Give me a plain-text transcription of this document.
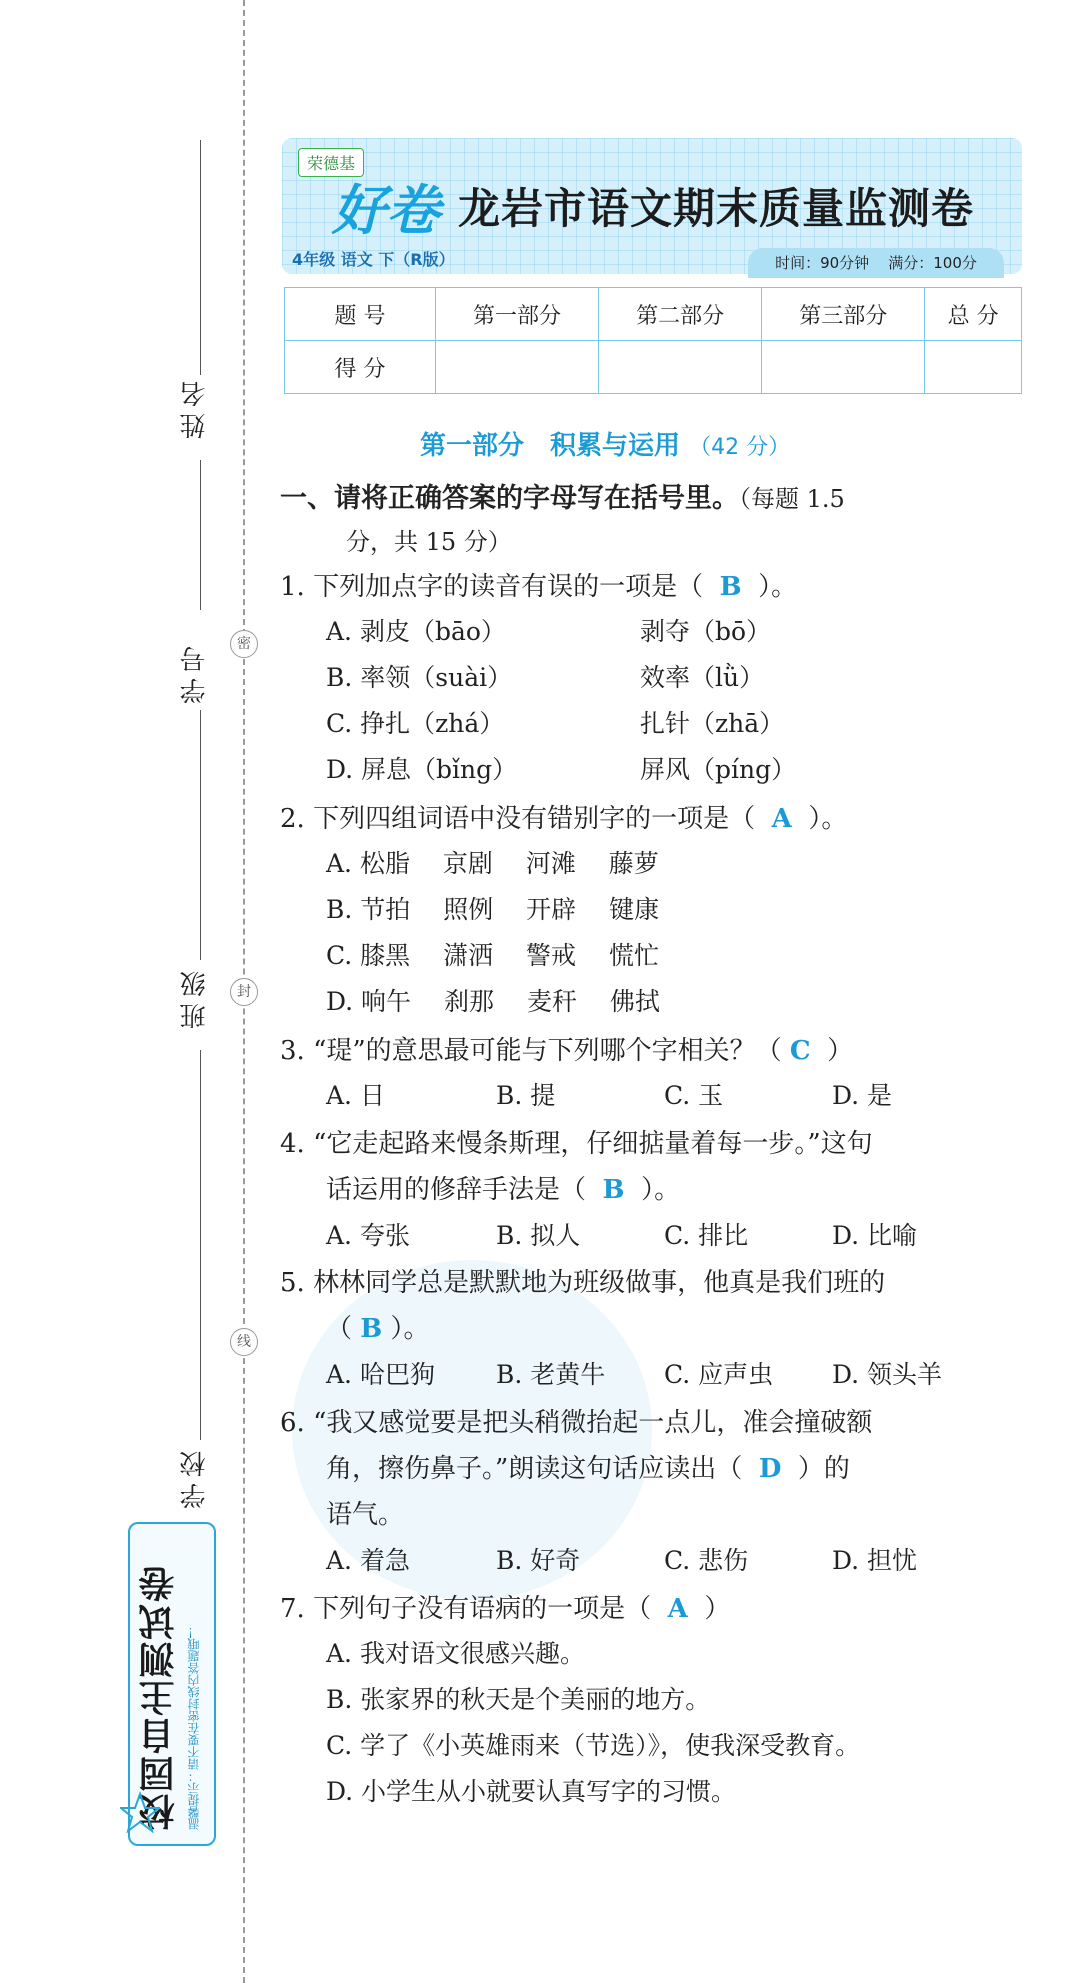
密
封
线
姓名
学号
班级
学校
校园自主测试卷 温馨提示：请不要在密封线内答题哦！
荣德基
好卷 龙岩市语文期末质量监测卷
4年级 语文 下（R版）	时间：90分钟 满分：100分
题 号	第一部分	第二部分	第三部分	总 分
得 分				
第一部分　积累与运用 （42 分）
一、请将正确答案的字母写在括号里。（每题 1.5
分，共 15 分）
1. 下列加点字的读音有误的一项是（ B ）。
A. 剥皮（bāo）	剥夺（bō）
B. 率领（suài）	效率（lǜ）
C. 挣扎（zhá）	扎针（zhā）
D. 屏息（bǐng）	屏风（píng）
2. 下列四组词语中没有错别字的一项是（ A ）。
A. 松脂　 京剧　 河滩　 藤萝
B. 节拍　 照例　 开辟　 键康
C. 膝黑　 潇洒　 警戒　 慌忙
D. 响午　 刹那　 麦秆　 佛拭
3. “瑅”的意思最可能与下列哪个字相关？（ C ）
A. 日	B. 提	C. 玉	D. 是
4. “它走起路来慢条斯理，仔细掂量着每一步。”这句
话运用的修辞手法是（ B ）。
A. 夸张	B. 拟人	C. 排比	D. 比喻
5. 林林同学总是默默地为班级做事，他真是我们班的
（ B ）。
A. 哈巴狗 B. 老黄牛 C. 应声虫 D. 领头羊
6. “我又感觉要是把头稍微抬起一点儿，准会撞破额
角，擦伤鼻子。”朗读这句话应读出（ D ）的
语气。
A. 着急	B. 好奇	C. 悲伤	D. 担忧
7. 下列句子没有语病的一项是（ A ）
A. 我对语文很感兴趣。
B. 张家界的秋天是个美丽的地方。
C. 学了《小英雄雨来（节选）》，使我深受教育。
D. 小学生从小就要认真写字的习惯。
